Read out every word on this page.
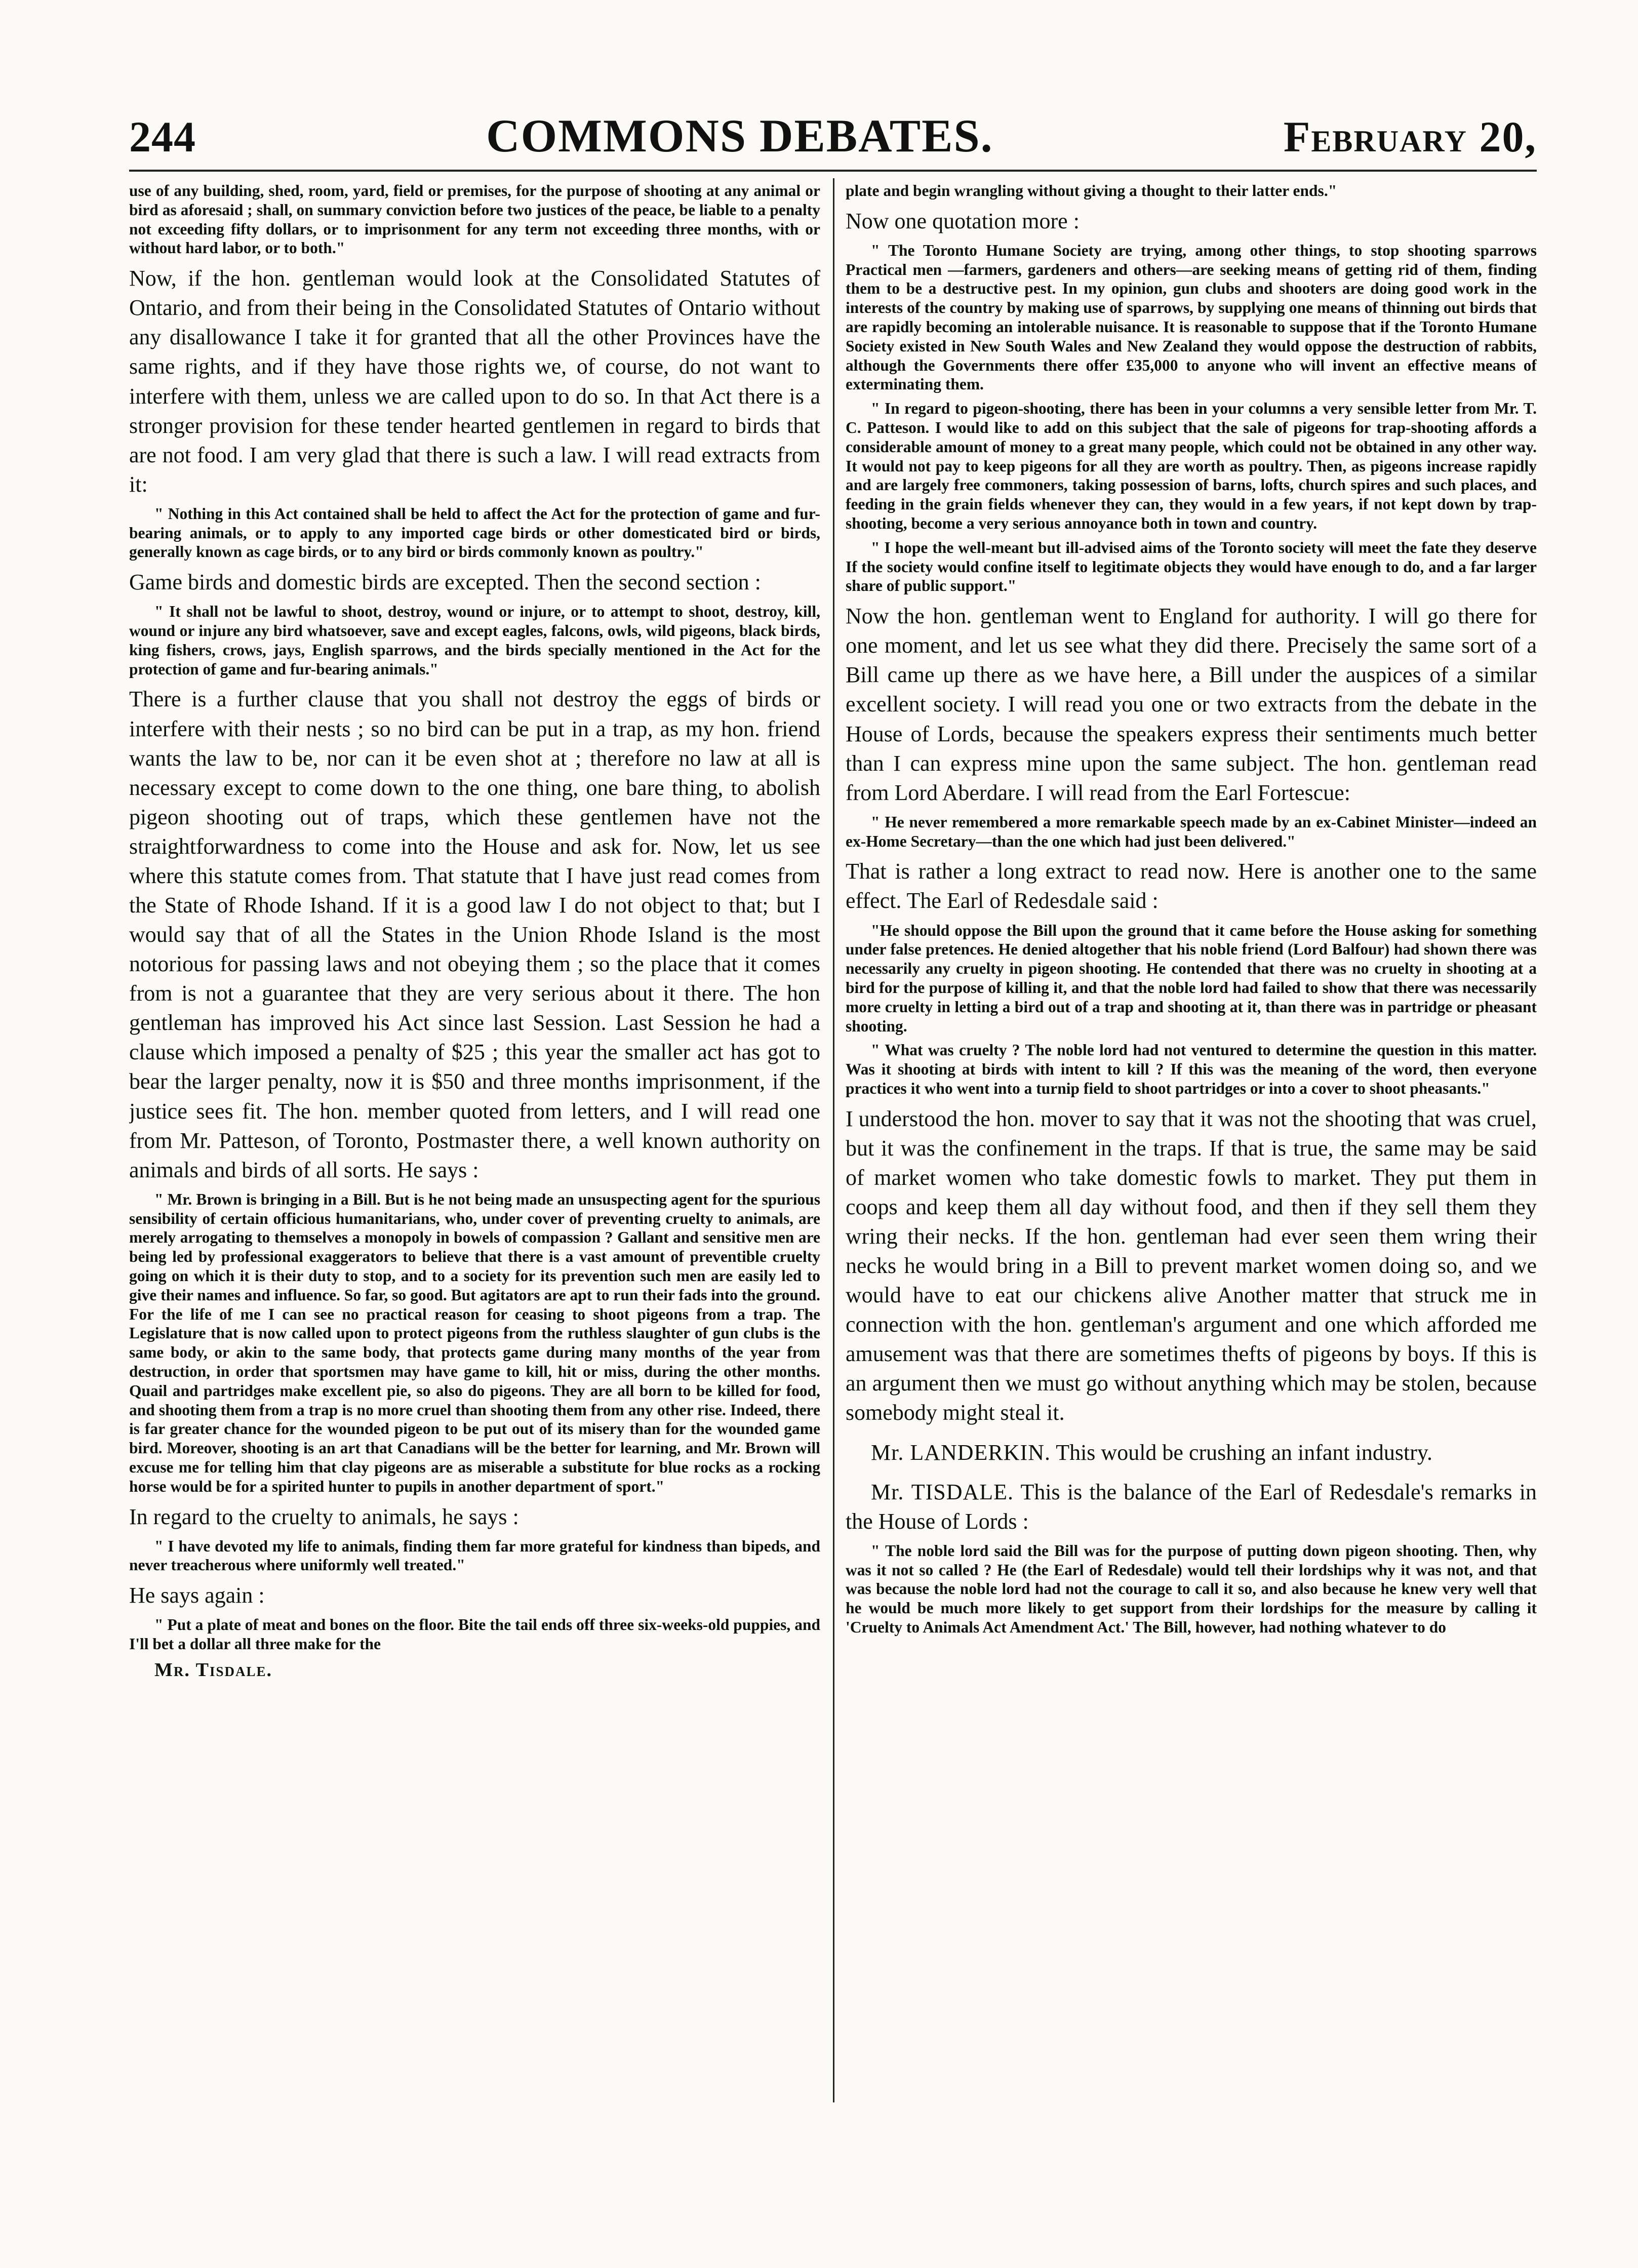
244	COMMONS DEBATES.	February 20,

use of any building, shed, room, yard, field or premises, for the purpose of shooting at any animal or bird as aforesaid ; shall, on summary conviction before two justices of the peace, be liable to a penalty not exceeding fifty dollars, or to imprisonment for any term not exceeding three months, with or without hard labor, or to both."

Now, if the hon. gentleman would look at the Consolidated Statutes of Ontario, and from their being in the Consolidated Statutes of Ontario without any disallowance I take it for granted that all the other Provinces have the same rights, and if they have those rights we, of course, do not want to interfere with them, unless we are called upon to do so. In that Act there is a stronger provision for these tender hearted gentlemen in regard to birds that are not food. I am very glad that there is such a law. I will read extracts from it:

" Nothing in this Act contained shall be held to affect the Act for the protection of game and fur-bearing animals, or to apply to any imported cage birds or other domesticated bird or birds, generally known as cage birds, or to any bird or birds commonly known as poultry."

Game birds and domestic birds are excepted. Then the second section :

" It shall not be lawful to shoot, destroy, wound or injure, or to attempt to shoot, destroy, kill, wound or injure any bird whatsoever, save and except eagles, falcons, owls, wild pigeons, black birds, king fishers, crows, jays, English sparrows, and the birds specially mentioned in the Act for the protection of game and fur-bearing animals."

There is a further clause that you shall not destroy the eggs of birds or interfere with their nests ; so no bird can be put in a trap, as my hon. friend wants the law to be, nor can it be even shot at ; therefore no law at all is necessary except to come down to the one thing, one bare thing, to abolish pigeon shooting out of traps, which these gentlemen have not the straightforwardness to come into the House and ask for. Now, let us see where this statute comes from. That statute that I have just read comes from the State of Rhode Ishand. If it is a good law I do not object to that; but I would say that of all the States in the Union Rhode Island is the most notorious for passing laws and not obeying them ; so the place that it comes from is not a guarantee that they are very serious about it there. The hon gentleman has improved his Act since last Session. Last Session he had a clause which imposed a penalty of $25 ; this year the smaller act has got to bear the larger penalty, now it is $50 and three months imprisonment, if the justice sees fit. The hon. member quoted from letters, and I will read one from Mr. Patteson, of Toronto, Postmaster there, a well known authority on animals and birds of all sorts. He says :

" Mr. Brown is bringing in a Bill. But is he not being made an unsuspecting agent for the spurious sensibility of certain officious humanitarians, who, under cover of preventing cruelty to animals, are merely arrogating to themselves a monopoly in bowels of compassion ? Gallant and sensitive men are being led by professional exaggerators to believe that there is a vast amount of preventible cruelty going on which it is their duty to stop, and to a society for its prevention such men are easily led to give their names and influence. So far, so good. But agitators are apt to run their fads into the ground. For the life of me I can see no practical reason for ceasing to shoot pigeons from a trap. The Legislature that is now called upon to protect pigeons from the ruthless slaughter of gun clubs is the same body, or akin to the same body, that protects game during many months of the year from destruction, in order that sportsmen may have game to kill, hit or miss, during the other months. Quail and partridges make excellent pie, so also do pigeons. They are all born to be killed for food, and shooting them from a trap is no more cruel than shooting them from any other rise. Indeed, there is far greater chance for the wounded pigeon to be put out of its misery than for the wounded game bird. Moreover, shooting is an art that Canadians will be the better for learning, and Mr. Brown will excuse me for telling him that clay pigeons are as miserable a substitute for blue rocks as a rocking horse would be for a spirited hunter to pupils in another department of sport."

In regard to the cruelty to animals, he says :

" I have devoted my life to animals, finding them far more grateful for kindness than bipeds, and never treacherous where uniformly well treated."

He says again :

" Put a plate of meat and bones on the floor. Bite the tail ends off three six-weeks-old puppies, and I'll bet a dollar all three make for the

Mr. Tisdale.

plate and begin wrangling without giving a thought to their latter ends."

Now one quotation more :

" The Toronto Humane Society are trying, among other things, to stop shooting sparrows Practical men —farmers, gardeners and others—are seeking means of getting rid of them, finding them to be a destructive pest. In my opinion, gun clubs and shooters are doing good work in the interests of the country by making use of sparrows, by supplying one means of thinning out birds that are rapidly becoming an intolerable nuisance. It is reasonable to suppose that if the Toronto Humane Society existed in New South Wales and New Zealand they would oppose the destruction of rabbits, although the Governments there offer £35,000 to anyone who will invent an effective means of exterminating them.

" In regard to pigeon-shooting, there has been in your columns a very sensible letter from Mr. T. C. Patteson. I would like to add on this subject that the sale of pigeons for trap-shooting affords a considerable amount of money to a great many people, which could not be obtained in any other way. It would not pay to keep pigeons for all they are worth as poultry. Then, as pigeons increase rapidly and are largely free commoners, taking possession of barns, lofts, church spires and such places, and feeding in the grain fields whenever they can, they would in a few years, if not kept down by trap-shooting, become a very serious annoyance both in town and country.

" I hope the well-meant but ill-advised aims of the Toronto society will meet the fate they deserve If the society would confine itself to legitimate objects they would have enough to do, and a far larger share of public support."

Now the hon. gentleman went to England for authority. I will go there for one moment, and let us see what they did there. Precisely the same sort of a Bill came up there as we have here, a Bill under the auspices of a similar excellent society. I will read you one or two extracts from the debate in the House of Lords, because the speakers express their sentiments much better than I can express mine upon the same subject. The hon. gentleman read from Lord Aberdare. I will read from the Earl Fortescue:

" He never remembered a more remarkable speech made by an ex-Cabinet Minister—indeed an ex-Home Secretary—than the one which had just been delivered."

That is rather a long extract to read now. Here is another one to the same effect. The Earl of Redesdale said :

"He should oppose the Bill upon the ground that it came before the House asking for something under false pretences. He denied altogether that his noble friend (Lord Balfour) had shown there was necessarily any cruelty in pigeon shooting. He contended that there was no cruelty in shooting at a bird for the purpose of killing it, and that the noble lord had failed to show that there was necessarily more cruelty in letting a bird out of a trap and shooting at it, than there was in partridge or pheasant shooting.

" What was cruelty ? The noble lord had not ventured to determine the question in this matter. Was it shooting at birds with intent to kill ? If this was the meaning of the word, then everyone practices it who went into a turnip field to shoot partridges or into a cover to shoot pheasants."

I understood the hon. mover to say that it was not the shooting that was cruel, but it was the confinement in the traps. If that is true, the same may be said of market women who take domestic fowls to market. They put them in coops and keep them all day without food, and then if they sell them they wring their necks. If the hon. gentleman had ever seen them wring their necks he would bring in a Bill to prevent market women doing so, and we would have to eat our chickens alive Another matter that struck me in connection with the hon. gentleman's argument and one which afforded me amusement was that there are sometimes thefts of pigeons by boys. If this is an argument then we must go without anything which may be stolen, because somebody might steal it.

Mr. LANDERKIN. This would be crushing an infant industry.

Mr. TISDALE. This is the balance of the Earl of Redesdale's remarks in the House of Lords :

" The noble lord said the Bill was for the purpose of putting down pigeon shooting. Then, why was it not so called ? He (the Earl of Redesdale) would tell their lordships why it was not, and that was because the noble lord had not the courage to call it so, and also because he knew very well that he would be much more likely to get support from their lordships for the measure by calling it 'Cruelty to Animals Act Amendment Act.' The Bill, however, had nothing whatever to do
